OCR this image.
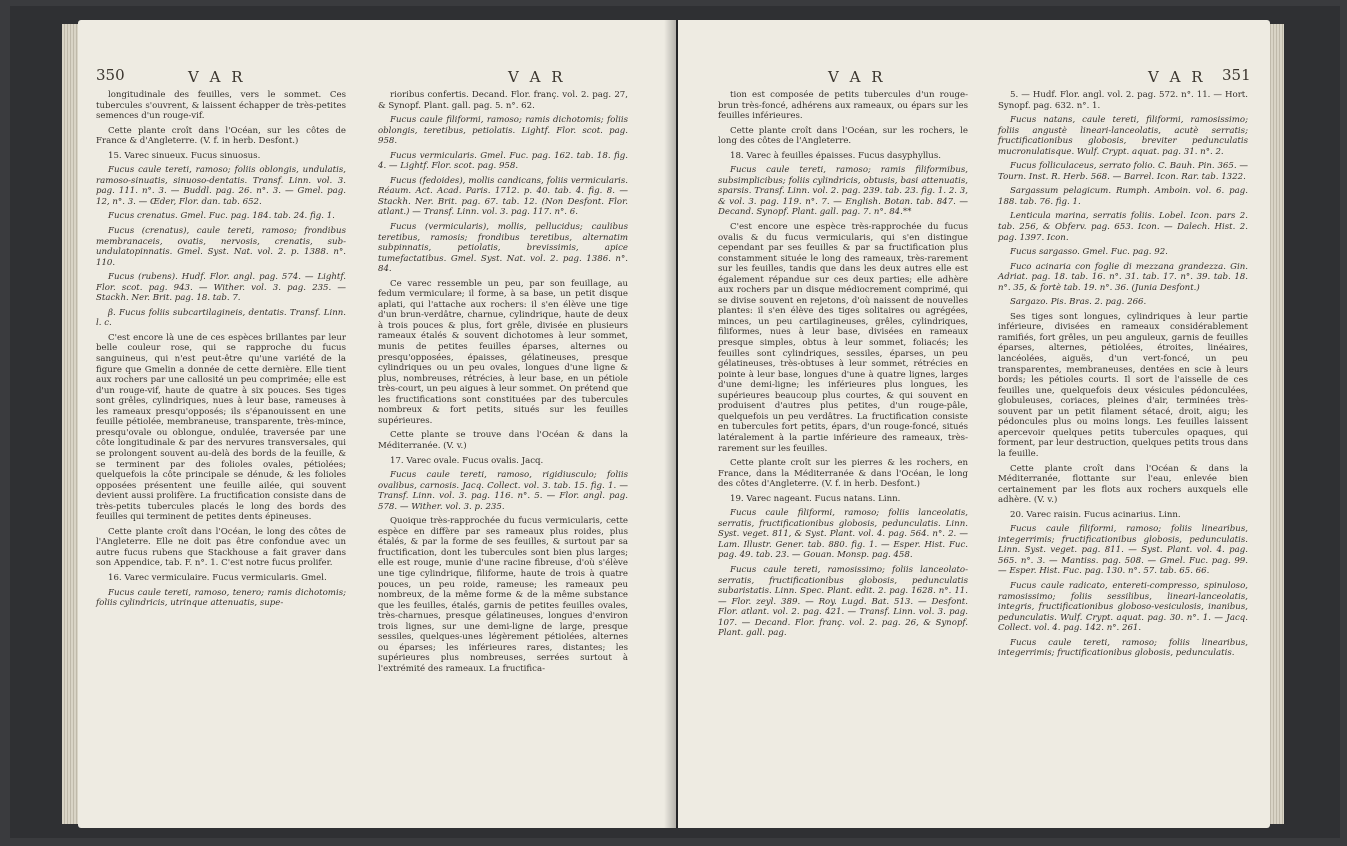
350	V A R	V A R

longitudinale des feuilles, vers le sommet. Ces tubercules s'ouvrent, & laissent échapper de très-petites semences d'un rouge-vif.

Cette plante croît dans l'Océan, sur les côtes de France & d'Angleterre. (V. f. in herb. Desfont.)

15. Varec sinueux. Fucus sinuosus.

Fucus caule tereti, ramoso; foliis oblongis, undulatis, ramoso-sinuatis, sinuoso-dentatis. Transf. Linn. vol. 3. pag. 111. n°. 3. — Buddl. pag. 26. n°. 3. — Gmel. pag. 12, n°. 3. — Œder, Flor. dan. tab. 652.

Fucus crenatus. Gmel. Fuc. pag. 184. tab. 24. fig. 1.

Fucus (crenatus), caule tereti, ramoso; frondibus membranaceis, ovatis, nervosis, crenatis, sub-undulatopinnatis. Gmel. Syst. Nat. vol. 2. p. 1388. n°. 110.

Fucus (rubens). Hudf. Flor. angl. pag. 574. — Lightf. Flor. scot. pag. 943. — Wither. vol. 3. pag. 235. — Stackh. Ner. Brit. pag. 18. tab. 7.

β. Fucus foliis subcartilagineis, dentatis. Transf. Linn. l. c.

C'est encore là une de ces espèces brillantes par leur belle couleur rose, qui se rapproche du fucus sanguineus, qui n'est peut-être qu'une variété de la figure que Gmelin a donnée de cette dernière. Elle tient aux rochers par une callosité un peu comprimée; elle est d'un rouge-vif, haute de quatre à six pouces. Ses tiges sont grêles, cylindriques, nues à leur base, rameuses à les rameaux presqu'opposés; ils s'épanouissent en une feuille pétiolée, membraneuse, transparente, très-mince, presqu'ovale ou oblongue, ondulée, traversée par une côte longitudinale & par des nervures transversales, qui se prolongent souvent au-delà des bords de la feuille, & se terminent par des folioles ovales, pétiolées; quelquefois la côte principale se dénude, & les folioles opposées présentent une feuille ailée, qui souvent devient aussi prolifère. La fructification consiste dans de très-petits tubercules placés le long des bords des feuilles qui terminent de petites dents épineuses.

Cette plante croît dans l'Océan, le long des côtes de l'Angleterre. Elle ne doit pas être confondue avec un autre fucus rubens que Stackhouse a fait graver dans son Appendice, tab. F. n°. 1. C'est notre fucus prolifer.

16. Varec vermiculaire. Fucus vermicularis. Gmel.

Fucus caule tereti, ramoso, tenero; ramis dichotomis; foliis cylindricis, utrinque attenuatis, supe-

rioribus confertis. Decand. Flor. franç. vol. 2. pag. 27, & Synopf. Plant. gall. pag. 5. n°. 62.

Fucus caule filiformi, ramoso; ramis dichotomis; foliis oblongis, teretibus, petiolatis. Lightf. Flor. scot. pag. 958.

Fucus vermicularis. Gmel. Fuc. pag. 162. tab. 18. fig. 4. — Lightf. Flor. scot. pag. 958.

Fucus (fedoides), mollis candicans, foliis vermicularis. Réaum. Act. Acad. Paris. 1712. p. 40. tab. 4. fig. 8. — Stackh. Ner. Brit. pag. 67. tab. 12. (Non Desfont. Flor. atlant.) — Transf. Linn. vol. 3. pag. 117. n°. 6.

Fucus (vermicularis), mollis, pellucidus; caulibus teretibus, ramosis; frondibus teretibus, alternatim subpinnatis, petiolatis, brevissimis, apice tumefactatibus. Gmel. Syst. Nat. vol. 2. pag. 1386. n°. 84.

Ce varec ressemble un peu, par son feuillage, au fedum vermiculare; il forme, à sa base, un petit disque aplati, qui l'attache aux rochers: il s'en élève une tige d'un brun-verdâtre, charnue, cylindrique, haute de deux à trois pouces & plus, fort grêle, divisée en plusieurs rameaux étalés & souvent dichotomes à leur sommet, munis de petites feuilles éparses, alternes ou presqu'opposées, épaisses, gélatineuses, presque cylindriques ou un peu ovales, longues d'une ligne & plus, nombreuses, rétrécies, à leur base, en un pétiole très-court, un peu aigues à leur sommet. On prétend que les fructifications sont constituées par des tubercules nombreux & fort petits, situés sur les feuilles supérieures.

Cette plante se trouve dans l'Océan & dans la Méditerranée. (V. v.)

17. Varec ovale. Fucus ovalis. Jacq.

Fucus caule tereti, ramoso, rigidiusculo; foliis ovalibus, carnosis. Jacq. Collect. vol. 3. tab. 15. fig. 1. — Transf. Linn. vol. 3. pag. 116. n°. 5. — Flor. angl. pag. 578. — Wither. vol. 3. p. 235.

Quoique très-rapprochée du fucus vermicularis, cette espèce en diffère par ses rameaux plus roides, plus étalés, & par la forme de ses feuilles, & surtout par sa fructification, dont les tubercules sont bien plus larges; elle est rouge, munie d'une racine fibreuse, d'où s'élève une tige cylindrique, filiforme, haute de trois à quatre pouces, un peu roide, rameuse; les rameaux peu nombreux, de la même forme & de la même substance que les feuilles, étalés, garnis de petites feuilles ovales, très-charnues, presque gélatineuses, longues d'environ trois lignes, sur une demi-ligne de large, presque sessiles, quelques-unes légèrement pétiolées, alternes ou éparses; les inférieures rares, distantes; les supérieures plus nombreuses, serrées surtout à l'extrémité des rameaux. La fructifica-

V A R	V A R 351

tion est composée de petits tubercules d'un rouge-brun très-foncé, adhérens aux rameaux, ou épars sur les feuilles inférieures.

Cette plante croît dans l'Océan, sur les rochers, le long des côtes de l'Angleterre.

18. Varec à feuilles épaisses. Fucus dasyphyllus.

Fucus caule tereti, ramoso; ramis filiformibus, subsimplicibus; foliis cylindricis, obtusis, basi attenuatis, sparsis. Transf. Linn. vol. 2. pag. 239. tab. 23. fig. 1. 2. 3, & vol. 3. pag. 119. n°. 7. — English. Botan. tab. 847. — Decand. Synopf. Plant. gall. pag. 7. n°. 84.**

C'est encore une espèce très-rapprochée du fucus ovalis & du fucus vermicularis, qui s'en distingue cependant par ses feuilles & par sa fructification plus constamment située le long des rameaux, très-rarement sur les feuilles, tandis que dans les deux autres elle est également répandue sur ces deux parties; elle adhère aux rochers par un disque médiocrement comprimé, qui se divise souvent en rejetons, d'où naissent de nouvelles plantes: il s'en élève des tiges solitaires ou agrégées, minces, un peu cartilagineuses, grêles, cylindriques, filiformes, nues à leur base, divisées en rameaux presque simples, obtus à leur sommet, foliacés; les feuilles sont cylindriques, sessiles, éparses, un peu gélatineuses, très-obtuses à leur sommet, rétrécies en pointe à leur base, longues d'une à quatre lignes, larges d'une demi-ligne; les inférieures plus longues, les supérieures beaucoup plus courtes, & qui souvent en produisent d'autres plus petites, d'un rouge-pâle, quelquefois un peu verdâtres. La fructification consiste en tubercules fort petits, épars, d'un rouge-foncé, situés latéralement à la partie inférieure des rameaux, très-rarement sur les feuilles.

Cette plante croît sur les pierres & les rochers, en France, dans la Méditerranée & dans l'Océan, le long des côtes d'Angleterre. (V. f. in herb. Desfont.)

19. Varec nageant. Fucus natans. Linn.

Fucus caule filiformi, ramoso; foliis lanceolatis, serratis, fructificationibus globosis, pedunculatis. Linn. Syst. veget. 811, & Syst. Plant. vol. 4. pag. 564. n°. 2. — Lam. Illustr. Gener. tab. 880. fig. 1. — Esper. Hist. Fuc. pag. 49. tab. 23. — Gouan. Monsp. pag. 458.

Fucus caule tereti, ramosissimo; foliis lanceolato-serratis, fructificationibus globosis, pedunculatis subaristatis. Linn. Spec. Plant. edit. 2. pag. 1628. n°. 11. — Flor. zeyl. 389. — Roy. Lugd. Bat. 513. — Desfont. Flor. atlant. vol. 2. pag. 421. — Transf. Linn. vol. 3. pag. 107. — Decand. Flor. franç. vol. 2. pag. 26, & Synopf. Plant. gall. pag.

5. — Hudf. Flor. angl. vol. 2. pag. 572. n°. 11. — Hort. Synopf. pag. 632. n°. 1.

Fucus natans, caule tereti, filiformi, ramosissimo; foliis angustè lineari-lanceolatis, acutè serratis; fructificationibus globosis, breviter pedunculatis mucronulatisque. Wulf. Crypt. aquat. pag. 31. n°. 2.

Fucus folliculaceus, serrato folio. C. Bauh. Pin. 365. — Tourn. Inst. R. Herb. 568. — Barrel. Icon. Rar. tab. 1322.

Sargassum pelagicum. Rumph. Amboin. vol. 6. pag. 188. tab. 76. fig. 1.

Lenticula marina, serratis foliis. Lobel. Icon. pars 2. tab. 256, & Obferv. pag. 653. Icon. — Dalech. Hist. 2. pag. 1397. Icon.

Fucus sargasso. Gmel. Fuc. pag. 92.

Fuco acinaria con foglie di mezzana grandezza. Gin. Adriat. pag. 18. tab. 16. n°. 31. tab. 17. n°. 39. tab. 18. n°. 35, & fortè tab. 19. n°. 36. (Junia Desfont.)

Sargazo. Pis. Bras. 2. pag. 266.

Ses tiges sont longues, cylindriques à leur partie inférieure, divisées en rameaux considérablement ramifiés, fort grêles, un peu anguleux, garnis de feuilles éparses, alternes, pétiolées, étroites, linéaires, lancéolées, aiguës, d'un vert-foncé, un peu transparentes, membraneuses, dentées en scie à leurs bords; les pétioles courts. Il sort de l'aisselle de ces feuilles une, quelquefois deux vésicules pédonculées, globuleuses, coriaces, pleines d'air, terminées très-souvent par un petit filament sétacé, droit, aigu; les pédoncules plus ou moins longs. Les feuilles laissent apercevoir quelques petits tubercules opaques, qui forment, par leur destruction, quelques petits trous dans la feuille.

Cette plante croît dans l'Océan & dans la Méditerranée, flottante sur l'eau, enlevée bien certainement par les flots aux rochers auxquels elle adhère. (V. v.)

20. Varec raisin. Fucus acinarius. Linn.

Fucus caule filiformi, ramoso; foliis linearibus, integerrimis; fructificationibus globosis, pedunculatis. Linn. Syst. veget. pag. 811. — Syst. Plant. vol. 4. pag. 565. n°. 3. — Mantiss. pag. 508. — Gmel. Fuc. pag. 99. — Esper. Hist. Fuc. pag. 130. n°. 57. tab. 65. 66.

Fucus caule radicato, entereti-compresso, spinuloso, ramosissimo; foliis sessilibus, lineari-lanceolatis, integris, fructificationibus globoso-vesiculosis, inanibus, pedunculatis. Wulf. Crypt. aquat. pag. 30. n°. 1. — Jacq. Collect. vol. 4. pag. 142. n°. 261.

Fucus caule tereti, ramoso; foliis linearibus, integerrimis; fructificationibus globosis, pedunculatis.
